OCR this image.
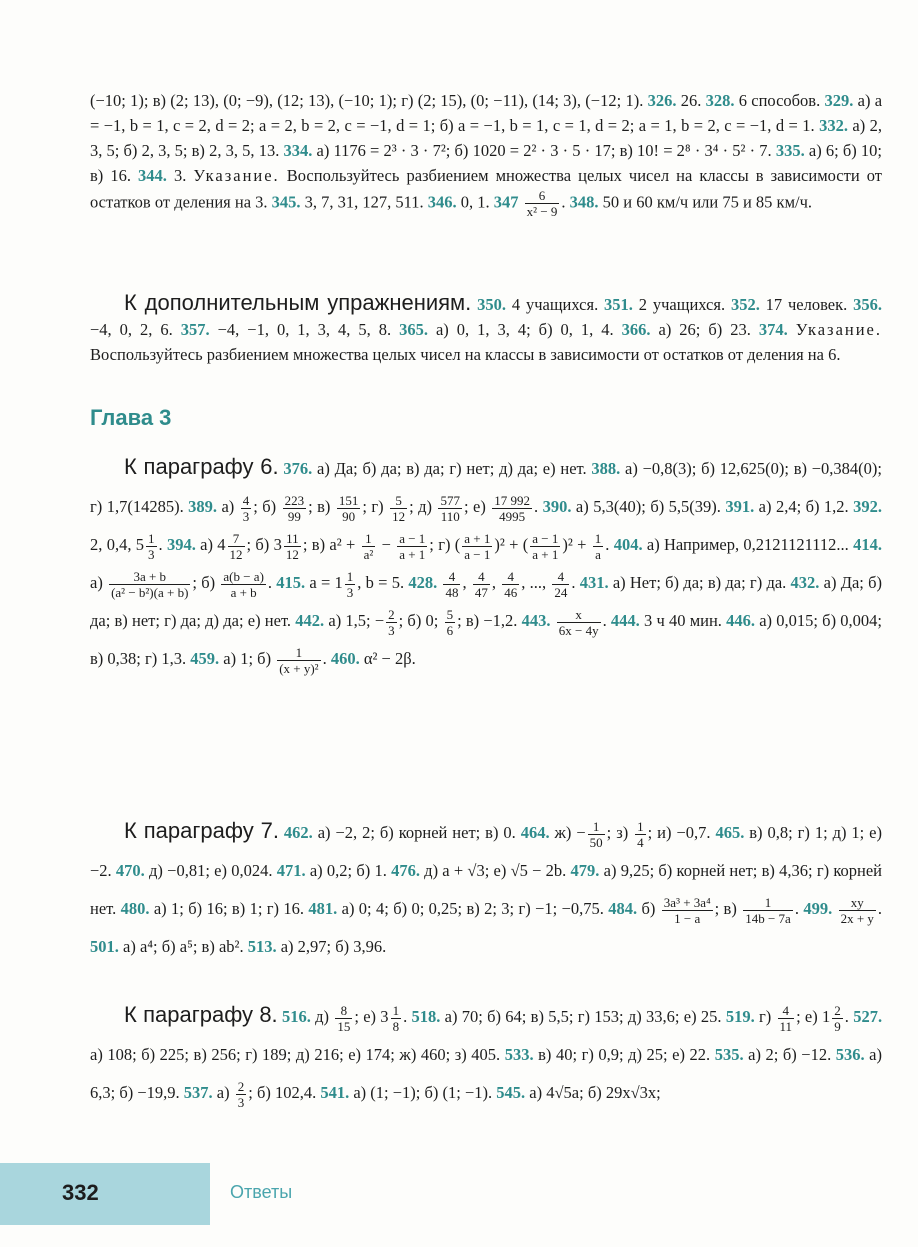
(−10; 1); в) (2; 13), (0; −9), (12; 13), (−10; 1); г) (2; 15), (0; −11), (14; 3), (−12; 1). 326. 26. 328. 6 способов. 329. а) a = −1, b = 1, c = 2, d = 2; a = 2, b = 2, c = −1, d = 1; б) a = −1, b = 1, c = 1, d = 2; a = 1, b = 2, c = −1, d = 1. 332. а) 2, 3, 5; б) 2, 3, 5; в) 2, 3, 5, 13. 334. а) 1176 = 2³ · 3 · 7²; б) 1020 = 2² · 3 · 5 · 17; в) 10! = 2⁸ · 3⁴ · 5² · 7. 335. а) 6; б) 10; в) 16. 344. 3. Указание. Воспользуйтесь разбиением множества целых чисел на классы в зависимости от остатков от деления на 3. 345. 3, 7, 31, 127, 511. 346. 0, 1. $347 \frac{6}{\text{x² − 9}}$ . 348. 50 и 60 км/ч или 75 и 85 км/ч.
К дополнительным упражнениям. 350. 4 учащихся. 351. 2 учащихся. 352. 17 человек. 356. −4, 0, 2, 6. 357. −4, −1, 0, 1, 3, 4, 5, 8. 365. а) 0, 1, 3, 4; б) 0, 1, 4. 366. а) 26; б) 23. 374. Указание. Воспользуйтесь разбиением множества целых чисел на классы в зависимости от остатков от деления на 6.
Глава 3
К параграфу 6. 376. а) Да; б) да; в) да; г) нет; д) да; е) нет. 388. а) −0,8(3); б) 12,625(0); в) −0,384(0); г) 1,7(14285). 389. $а) \frac{4}{3}$ ; $б) \frac{223}{99}$ ; $в) \frac{151}{90}$ ; $г) \frac{5}{12}$ ; $д) \frac{577}{110}$ ; $е) \frac{17 992}{4995}$ . 390. а) 5,3(40); б) 5,5(39). 391. а) 2,4; б) 1,2. 392. 2, 0,4, $5 \frac{1}{3}$ . 394. а) $4 \frac{7}{12}$ ; б) $3 \frac{11}{12}$ ; в) $a^2 + \frac{1}{\text{a²}} - \frac{a - 1}{a + 1}$ ; г) ( $\frac{a + 1}{a - 1} )^2$ + ( $\frac{a - 1}{a + 1} )^2 + \frac{1}{a}$ . 404. а) Например, 0,2121121112... 414. $а) \frac{3a + b}{\text{(a² − b²)(a + b)}}$ ; $б) \frac{a(b - a)}{a + b}$ . 415. $a = 1 \frac{1}{3}$ , b = 5. 428. $\frac{4}{48}$ , $\frac{4}{47}$ , $\frac{4}{46}$ , ..., $\frac{4}{24}$ . 431. а) Нет; б) да; в) да; г) да. 432. а) Да; б) да; в) нет; г) да; д) да; е) нет. 442. а) 1,5; − $\frac{2}{3}$ ; б) 0; $\frac{5}{6}$ ; в) −1,2. 443. $\frac{x}{6x - 4y}$ . 444. 3 ч 40 мин. 446. а) 0,015; б) 0,004; в) 0,38; г) 1,3. 459. а) 1; $б) \frac{1}{\text{(x + y)²}}$ . 460. α² − 2β.
К параграфу 7. 462. а) −2, 2; б) корней нет; в) 0. 464. $ж) - \frac{1}{50}$ ; $з) \frac{1}{4}$ ; и) −0,7. 465. в) 0,8; г) 1; д) 1; е) −2. 470. д) −0,81; е) 0,024. 471. а) 0,2; б) 1. 476. д) a + √3; е) √5 − 2b. 479. а) 9,25; б) корней нет; в) 4,36; г) корней нет. 480. а) 1; б) 16; в) 1; г) 16. 481. а) 0; 4; б) 0; 0,25; в) 2; 3; г) −1; −0,75. 484. $б) \frac{\text{3a³ + 3a⁴}}{1 - a}$ ; $в) \frac{1}{14b - 7a}$ . 499. $\frac{xy}{2x + y}$ . 501. а) a⁴; б) a⁵; в) ab². 513. а) 2,97; б) 3,96.
К параграфу 8. 516. $д) \frac{8}{15}$ ; е) $3 \frac{1}{8}$ . 518. а) 70; б) 64; в) 5,5; г) 153; д) 33,6; е) 25. 519. $г) \frac{4}{11}$ ; е) $1 \frac{2}{9}$ . 527. а) 108; б) 225; в) 256; г) 189; д) 216; е) 174; ж) 460; з) 405. 533. в) 40; г) 0,9; д) 25; е) 22. 535. а) 2; б) −12. 536. а) 6,3; б) −19,9. 537. $а) \frac{2}{3}$ ; б) 102,4. 541. а) (1; −1); б) (1; −1). 545. а) 4√5a; б) 29x√3x;
332	Ответы
